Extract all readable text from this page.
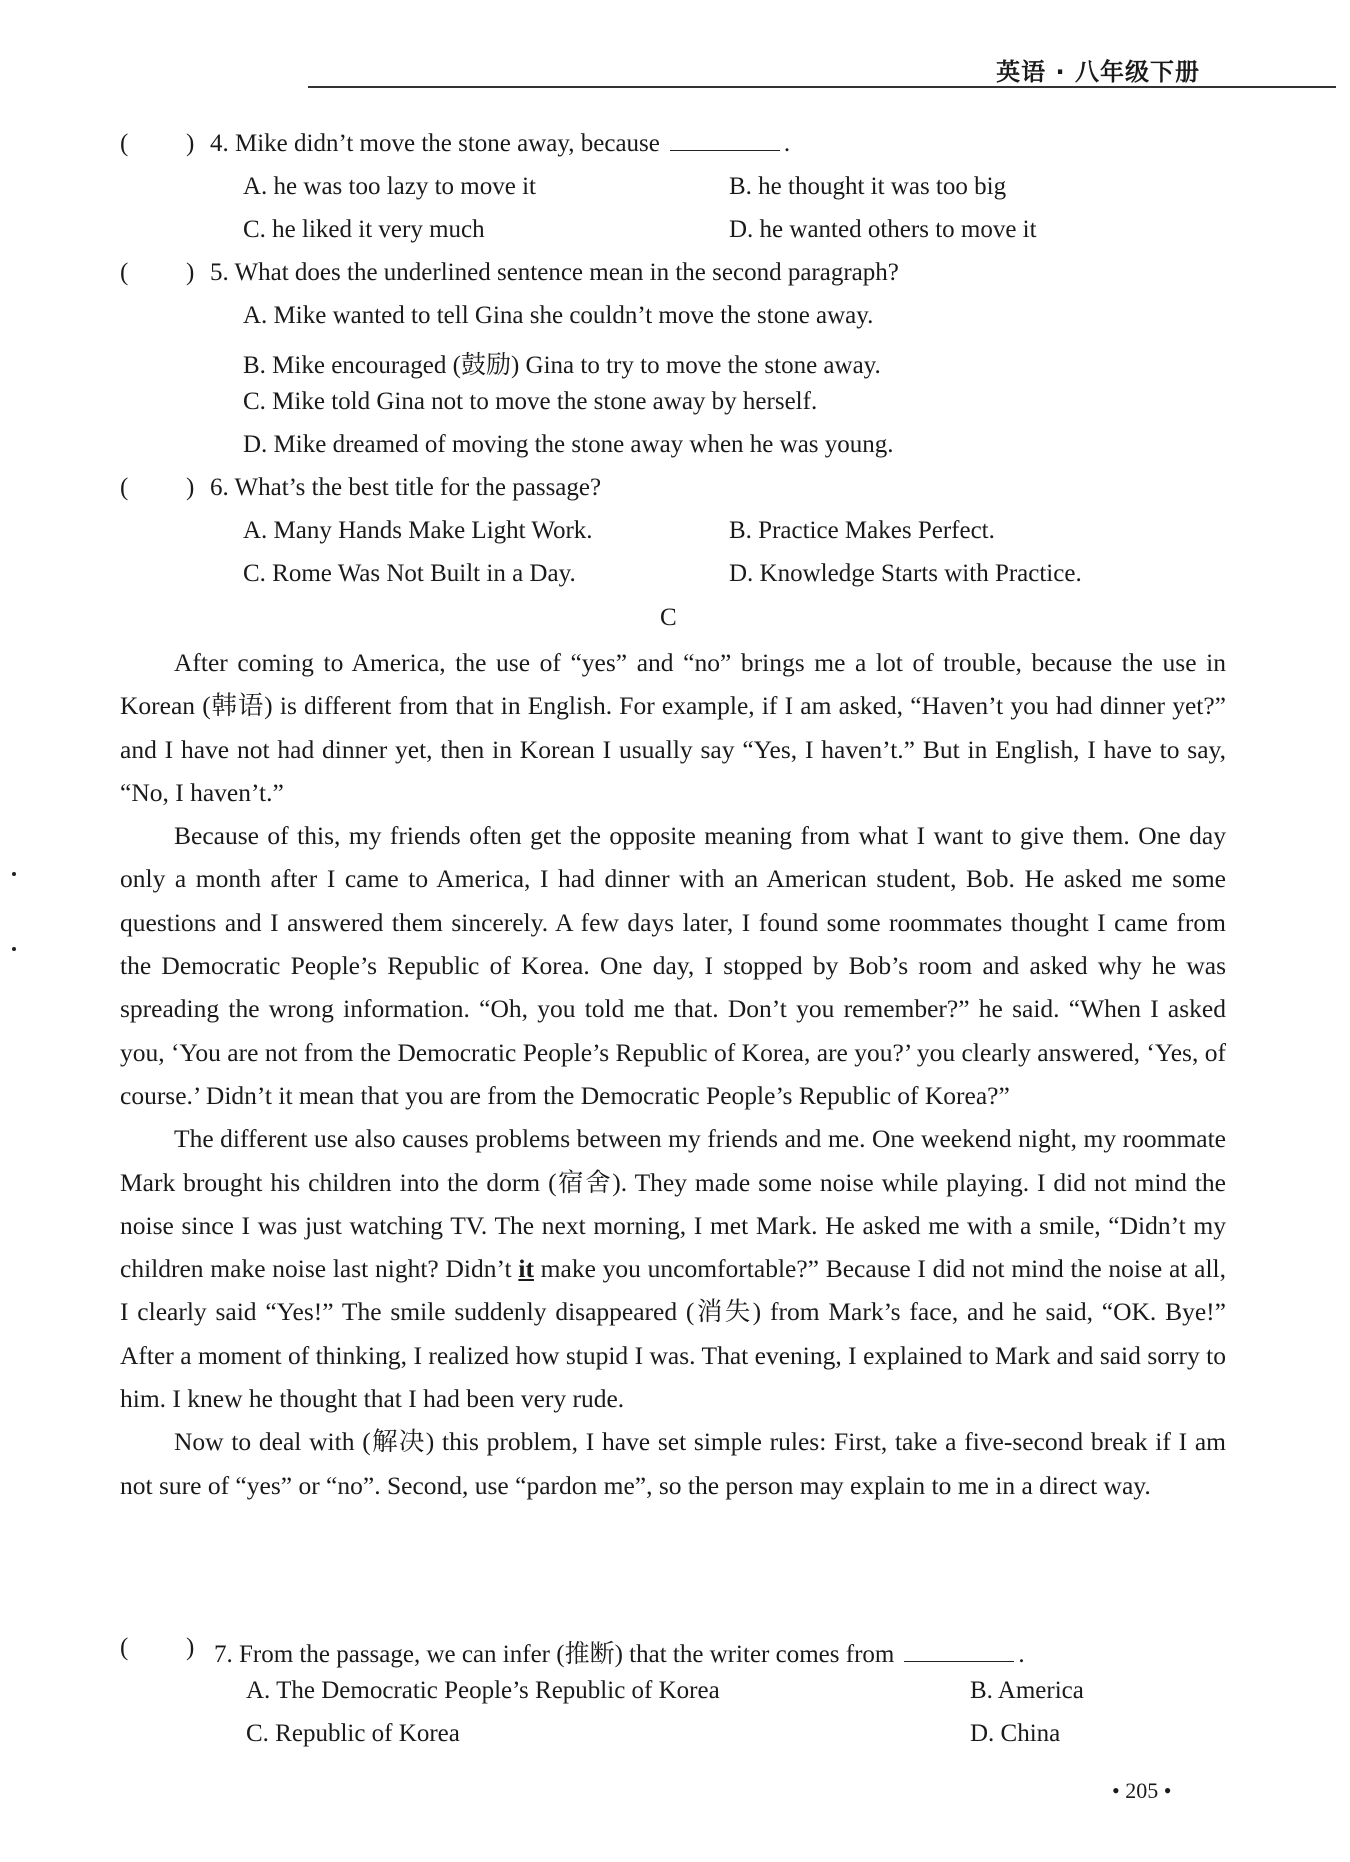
英语 · 八年级下册
( ) 4. Mike didn’t move the stone away, because	.
A. he was too lazy to move it	B. he thought it was too big
C. he liked it very much	D. he wanted others to move it
( ) 5. What does the underlined sentence mean in the second paragraph?
A. Mike wanted to tell Gina she couldn’t move the stone away.
B. Mike encouraged (鼓励) Gina to try to move the stone away.
C. Mike told Gina not to move the stone away by herself.
D. Mike dreamed of moving the stone away when he was young.
( ) 6. What’s the best title for the passage?
A. Many Hands Make Light Work.	B. Practice Makes Perfect.
C. Rome Was Not Built in a Day.	D. Knowledge Starts with Practice.
C

After coming to America, the use of “yes” and “no” brings me a lot of trouble, because the use in Korean (韩语) is different from that in English. For example, if I am asked, “Haven’t you had dinner yet?” and I have not had dinner yet, then in Korean I usually say “Yes, I haven’t.” But in English, I have to say, “No, I haven’t.”

Because of this, my friends often get the opposite meaning from what I want to give them. One day only a month after I came to America, I had dinner with an American student, Bob. He asked me some questions and I answered them sincerely. A few days later, I found some roommates thought I came from the Democratic People’s Republic of Korea. One day, I stopped by Bob’s room and asked why he was spreading the wrong information. “Oh, you told me that. Don’t you remember?” he said. “When I asked you, ‘You are not from the Democratic People’s Republic of Korea, are you?’ you clearly answered, ‘Yes, of course.’ Didn’t it mean that you are from the Democratic People’s Republic of Korea?”

The different use also causes problems between my friends and me. One weekend night, my roommate Mark brought his children into the dorm (宿舍). They made some noise while playing. I did not mind the noise since I was just watching TV. The next morning, I met Mark. He asked me with a smile, “Didn’t my children make noise last night? Didn’t it make you uncomfortable?” Because I did not mind the noise at all, I clearly said “Yes!” The smile suddenly disappeared (消失) from Mark’s face, and he said, “OK. Bye!” After a moment of thinking, I realized how stupid I was. That evening, I explained to Mark and said sorry to him. I knew he thought that I had been very rude.

Now to deal with (解决) this problem, I have set simple rules: First, take a five-second break if I am not sure of “yes” or “no”. Second, use “pardon me”, so the person may explain to me in a direct way.

( ) 7. From the passage, we can infer (推断) that the writer comes from	.
A. The Democratic People’s Republic of Korea	B. America
C. Republic of Korea	D. China
• 205 •
